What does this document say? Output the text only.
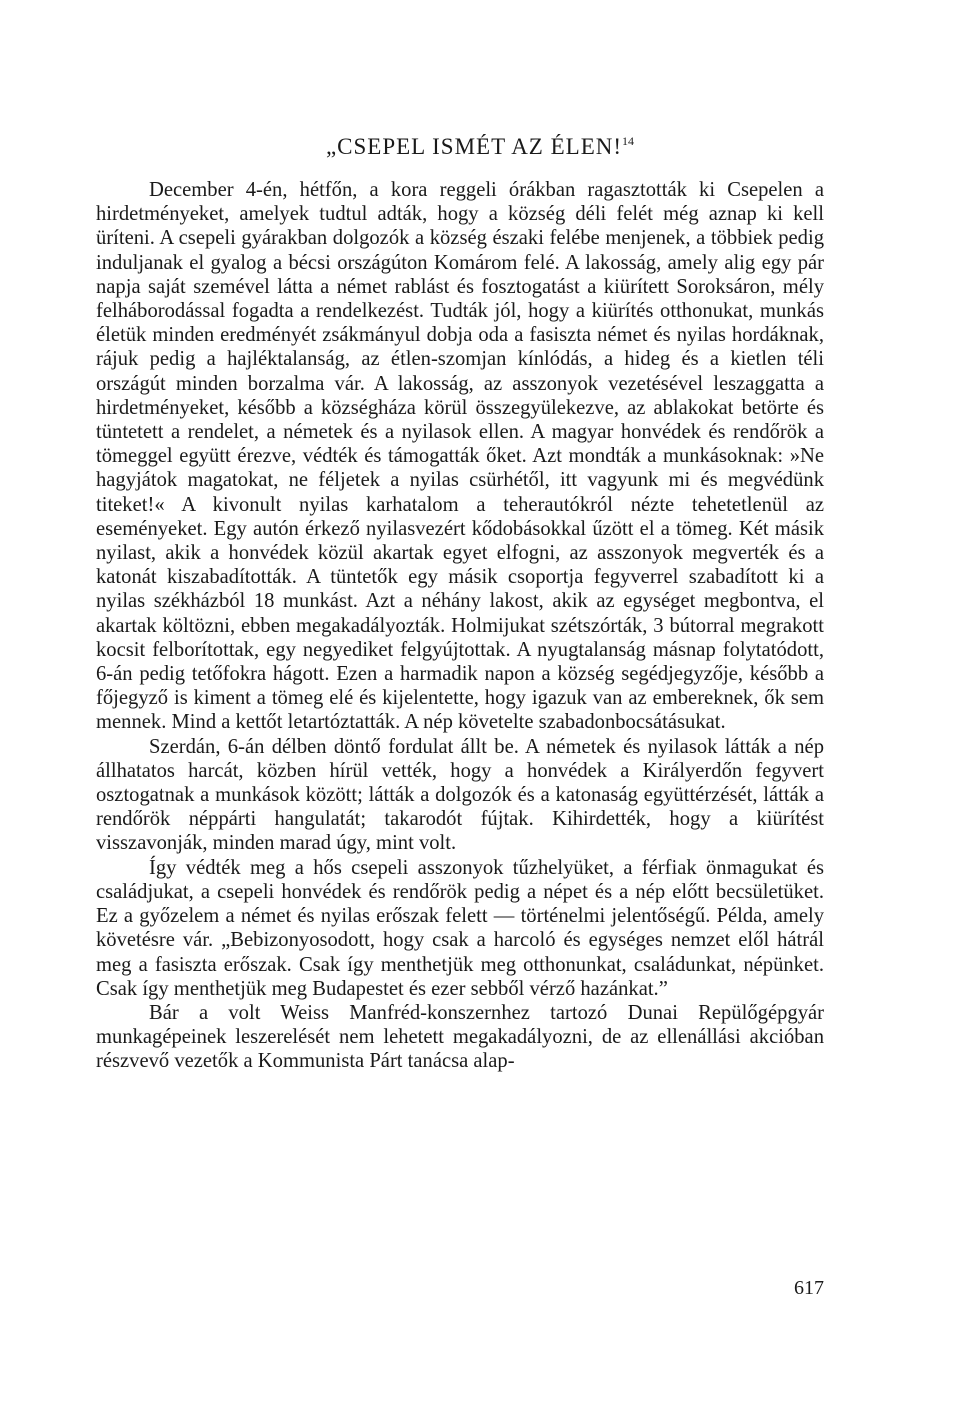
„CSEPEL ISMÉT AZ ÉLEN!$^{14}$

December 4-én, hétfőn, a kora reggeli órákban ragasztották ki Csepelen a hirdetményeket, amelyek tudtul adták, hogy a község déli felét még aznap ki kell üríteni. A csepeli gyárakban dolgozók a község északi felébe menjenek, a többiek pedig induljanak el gyalog a bécsi országúton Komárom felé. A lakosság, amely alig egy pár napja saját szemével látta a német rablást és fosztogatást a kiürített Soroksáron, mély felháborodással fogadta a rendelkezést. Tudták jól, hogy a kiürítés otthonukat, munkás életük minden eredményét zsákmányul dobja oda a fasiszta német és nyilas hordáknak, rájuk pedig a hajléktalanság, az étlen-szomjan kínlódás, a hideg és a kietlen téli országút minden borzalma vár. A lakosság, az asszonyok vezetésével leszaggatta a hirdetményeket, később a községháza körül összegyülekezve, az ablakokat betörte és tüntetett a rendelet, a németek és a nyilasok ellen. A magyar honvédek és rendőrök a tömeggel együtt érezve, védték és támogatták őket. Azt mondták a munkásoknak: »Ne hagyjátok magatokat, ne féljetek a nyilas csürhétől, itt vagyunk mi és megvédünk titeket!« A kivonult nyilas karhatalom a teherautókról nézte tehetetlenül az eseményeket. Egy autón érkező nyilasvezért kődobásokkal űzött el a tömeg. Két másik nyilast, akik a honvédek közül akartak egyet elfogni, az asszonyok megverték és a katonát kiszabadították. A tüntetők egy másik csoportja fegyverrel szabadított ki a nyilas székházból 18 munkást. Azt a néhány lakost, akik az egységet megbontva, el akartak költözni, ebben megakadályozták. Holmijukat szétszórták, 3 bútorral megrakott kocsit felborítottak, egy negyediket felgyújtottak. A nyugtalanság másnap folytatódott, 6-án pedig tetőfokra hágott. Ezen a harmadik napon a község segédjegyzője, később a főjegyző is kiment a tömeg elé és kijelentette, hogy igazuk van az embereknek, ők sem mennek. Mind a kettőt letartóztatták. A nép követelte szabadonbocsátásukat.

Szerdán, 6-án délben döntő fordulat állt be. A németek és nyilasok látták a nép állhatatos harcát, közben hírül vették, hogy a honvédek a Királyerdőn fegyvert osztogatnak a munkások között; látták a dolgozók és a katonaság együttérzését, látták a rendőrök néppárti hangulatát; takarodót fújtak. Kihirdették, hogy a kiürítést visszavonják, minden marad úgy, mint volt.

Így védték meg a hős csepeli asszonyok tűzhelyüket, a férfiak önmagukat és családjukat, a csepeli honvédek és rendőrök pedig a népet és a nép előtt becsületüket. Ez a győzelem a német és nyilas erőszak felett — történelmi jelentőségű. Példa, amely követésre vár. „Bebizonyosodott, hogy csak a harcoló és egységes nemzet elől hátrál meg a fasiszta erőszak. Csak így menthetjük meg otthonunkat, családunkat, népünket. Csak így menthetjük meg Budapestet és ezer sebből vérző hazánkat.”

Bár a volt Weiss Manfréd-konszernhez tartozó Dunai Repülőgépgyár munkagépeinek leszerelését nem lehetett megakadályozni, de az ellenállási akcióban részvevő vezetők a Kommunista Párt tanácsa alap-

617
